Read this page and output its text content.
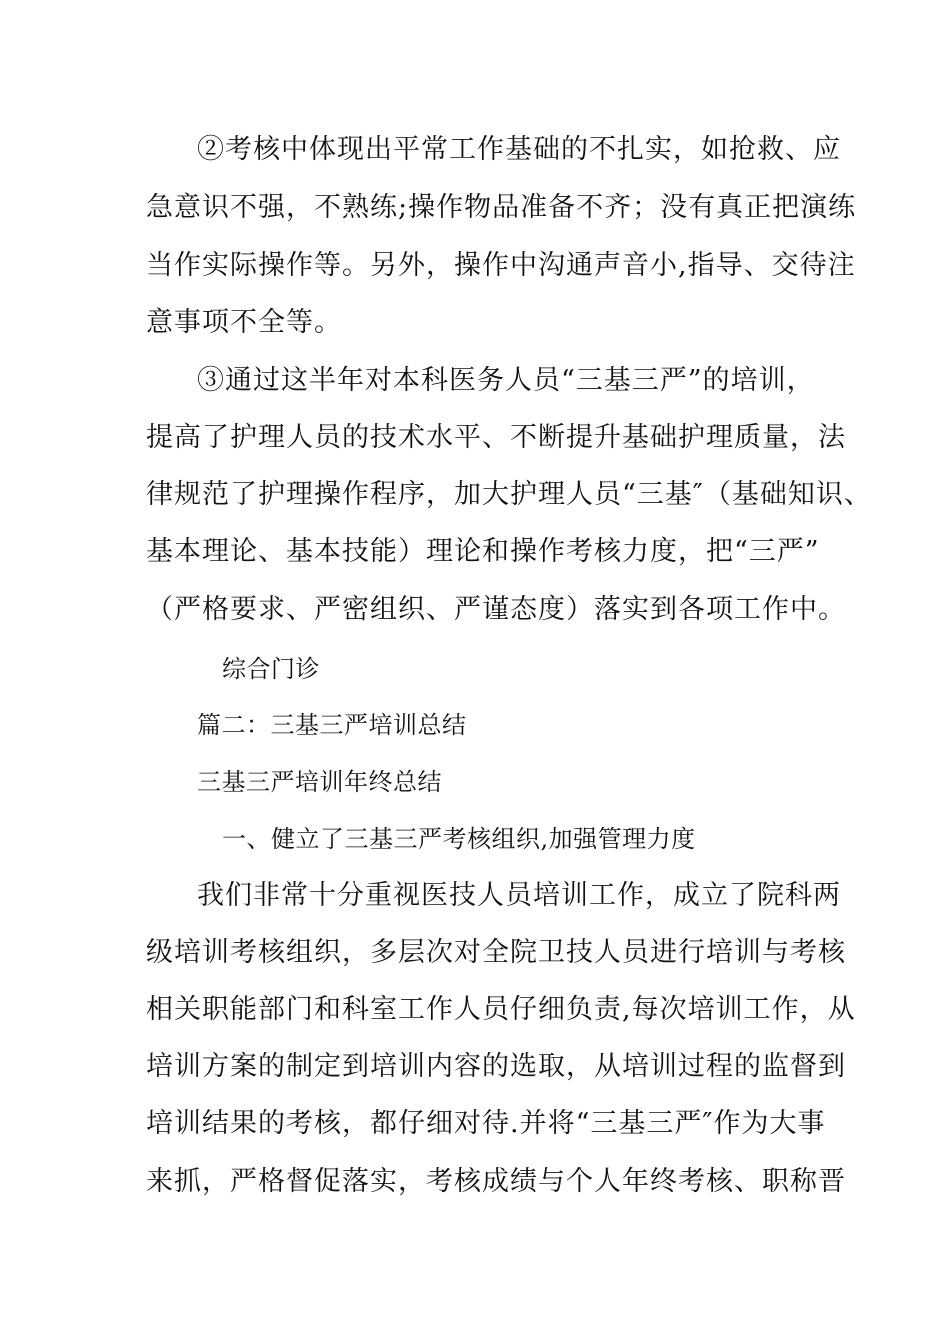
②考核中体现出平常工作基础的不扎实，如抢救、应
急意识不强，不熟练;操作物品准备不齐；没有真正把演练
当作实际操作等。另外，操作中沟通声音小,指导、交待注
意事项不全等。
③通过这半年对本科医务人员“三基三严”的培训，
提高了护理人员的技术水平、不断提升基础护理质量，法
律规范了护理操作程序，加大护理人员“三基″（基础知识、
基本理论、基本技能）理论和操作考核力度，把“三严”
（严格要求、严密组织、严谨态度）落实到各项工作中。
综合门诊
篇二：三基三严培训总结
三基三严培训年终总结
一、健立了三基三严考核组织,加强管理力度
我们非常十分重视医技人员培训工作，成立了院科两
级培训考核组织，多层次对全院卫技人员进行培训与考核
相关职能部门和科室工作人员仔细负责,每次培训工作，从
培训方案的制定到培训内容的选取，从培训过程的监督到
培训结果的考核，都仔细对待.并将“三基三严″作为大事
来抓，严格督促落实，考核成绩与个人年终考核、职称晋
